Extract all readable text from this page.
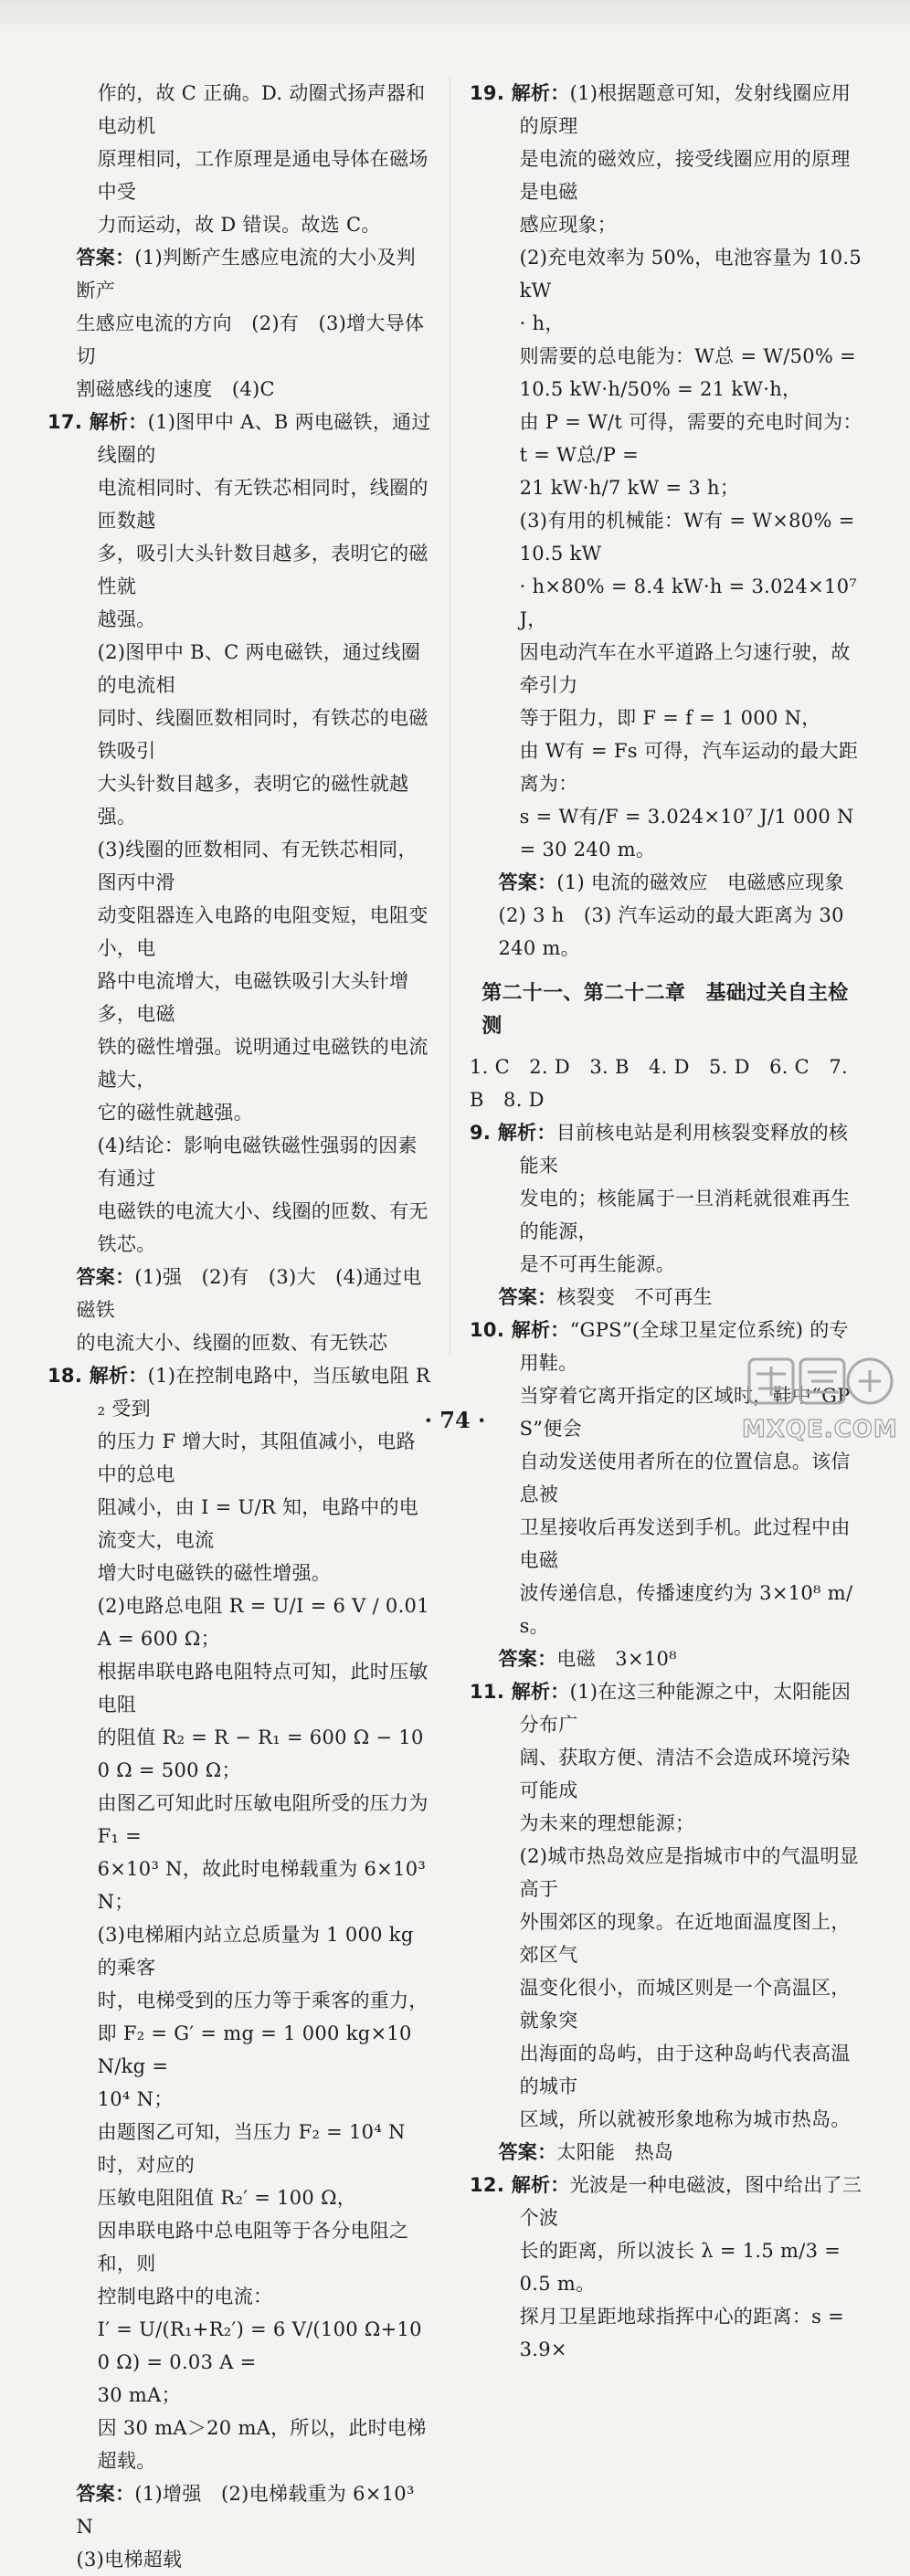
作的，故 C 正确。D. 动圈式扬声器和电动机

原理相同，工作原理是通电导体在磁场中受

力而运动，故 D 错误。故选 C。

答案：(1)判断产生感应电流的大小及判断产

生感应电流的方向　(2)有　(3)增大导体切

割磁感线的速度　(4)C

17. 解析：(1)图甲中 A、B 两电磁铁，通过线圈的

电流相同时、有无铁芯相同时，线圈的匝数越

多，吸引大头针数目越多，表明它的磁性就

越强。

(2)图甲中 B、C 两电磁铁，通过线圈的电流相

同时、线圈匝数相同时，有铁芯的电磁铁吸引

大头针数目越多，表明它的磁性就越强。

(3)线圈的匝数相同、有无铁芯相同，图丙中滑

动变阻器连入电路的电阻变短，电阻变小，电

路中电流增大，电磁铁吸引大头针增多，电磁

铁的磁性增强。说明通过电磁铁的电流越大，

它的磁性就越强。

(4)结论：影响电磁铁磁性强弱的因素有通过

电磁铁的电流大小、线圈的匝数、有无铁芯。

答案：(1)强　(2)有　(3)大　(4)通过电磁铁

的电流大小、线圈的匝数、有无铁芯

18. 解析：(1)在控制电路中，当压敏电阻 R₂ 受到

的压力 F 增大时，其阻值减小，电路中的总电

阻减小，由 I = U/R 知，电路中的电流变大，电流

增大时电磁铁的磁性增强。

(2)电路总电阻 R = U/I = 6 V / 0.01 A = 600 Ω；

根据串联电路电阻特点可知，此时压敏电阻

的阻值 R₂ = R − R₁ = 600 Ω − 100 Ω = 500 Ω；

由图乙可知此时压敏电阻所受的压力为 F₁ =

6×10³ N，故此时电梯载重为 6×10³ N；

(3)电梯厢内站立总质量为 1 000 kg 的乘客

时，电梯受到的压力等于乘客的重力，

即 F₂ = G′ = mg = 1 000 kg×10 N/kg =

10⁴ N；

由题图乙可知，当压力 F₂ = 10⁴ N 时，对应的

压敏电阻阻值 R₂′ = 100 Ω，

因串联电路中总电阻等于各分电阻之和，则

控制电路中的电流：

I′ = U/(R₁+R₂′) = 6 V/(100 Ω+100 Ω) = 0.03 A =

30 mA；

因 30 mA＞20 mA，所以，此时电梯超载。

答案：(1)增强　(2)电梯载重为 6×10³ N

(3)电梯超载

19. 解析：(1)根据题意可知，发射线圈应用的原理

是电流的磁效应，接受线圈应用的原理是电磁

感应现象；

(2)充电效率为 50%，电池容量为 10.5 kW

· h，

则需要的总电能为：W总 = W/50% =

10.5 kW·h/50% = 21 kW·h，

由 P = W/t 可得，需要的充电时间为：t = W总/P =

21 kW·h/7 kW = 3 h；

(3)有用的机械能：W有 = W×80% = 10.5 kW

· h×80% = 8.4 kW·h = 3.024×10⁷ J，

因电动汽车在水平道路上匀速行驶，故牵引力

等于阻力，即 F = f = 1 000 N，

由 W有 = Fs 可得，汽车运动的最大距离为：

s = W有/F = 3.024×10⁷ J/1 000 N = 30 240 m。

答案：(1) 电流的磁效应　电磁感应现象

(2) 3 h　(3) 汽车运动的最大距离为 30

240 m。

第二十一、第二十二章　基础过关自主检测

1. C　2. D　3. B　4. D　5. D　6. C　7. B　8. D

9. 解析：目前核电站是利用核裂变释放的核能来

发电的；核能属于一旦消耗就很难再生的能源，

是不可再生能源。

答案：核裂变　不可再生

10. 解析：“GPS”(全球卫星定位系统) 的专用鞋。

当穿着它离开指定的区域时，鞋中“GPS”便会

自动发送使用者所在的位置信息。该信息被

卫星接收后再发送到手机。此过程中由电磁

波传递信息，传播速度约为 3×10⁸ m/s。

答案：电磁　3×10⁸

11. 解析：(1)在这三种能源之中，太阳能因分布广

阔、获取方便、清洁不会造成环境污染可能成

为未来的理想能源；

(2)城市热岛效应是指城市中的气温明显高于

外围郊区的现象。在近地面温度图上，郊区气

温变化很小，而城区则是一个高温区，就象突

出海面的岛屿，由于这种岛屿代表高温的城市

区域，所以就被形象地称为城市热岛。

答案：太阳能　热岛

12. 解析：光波是一种电磁波，图中给出了三个波

长的距离，所以波长 λ = 1.5 m/3 = 0.5 m。

探月卫星距地球指挥中心的距离：s = 3.9×

· 74 ·	MXQE.COM
